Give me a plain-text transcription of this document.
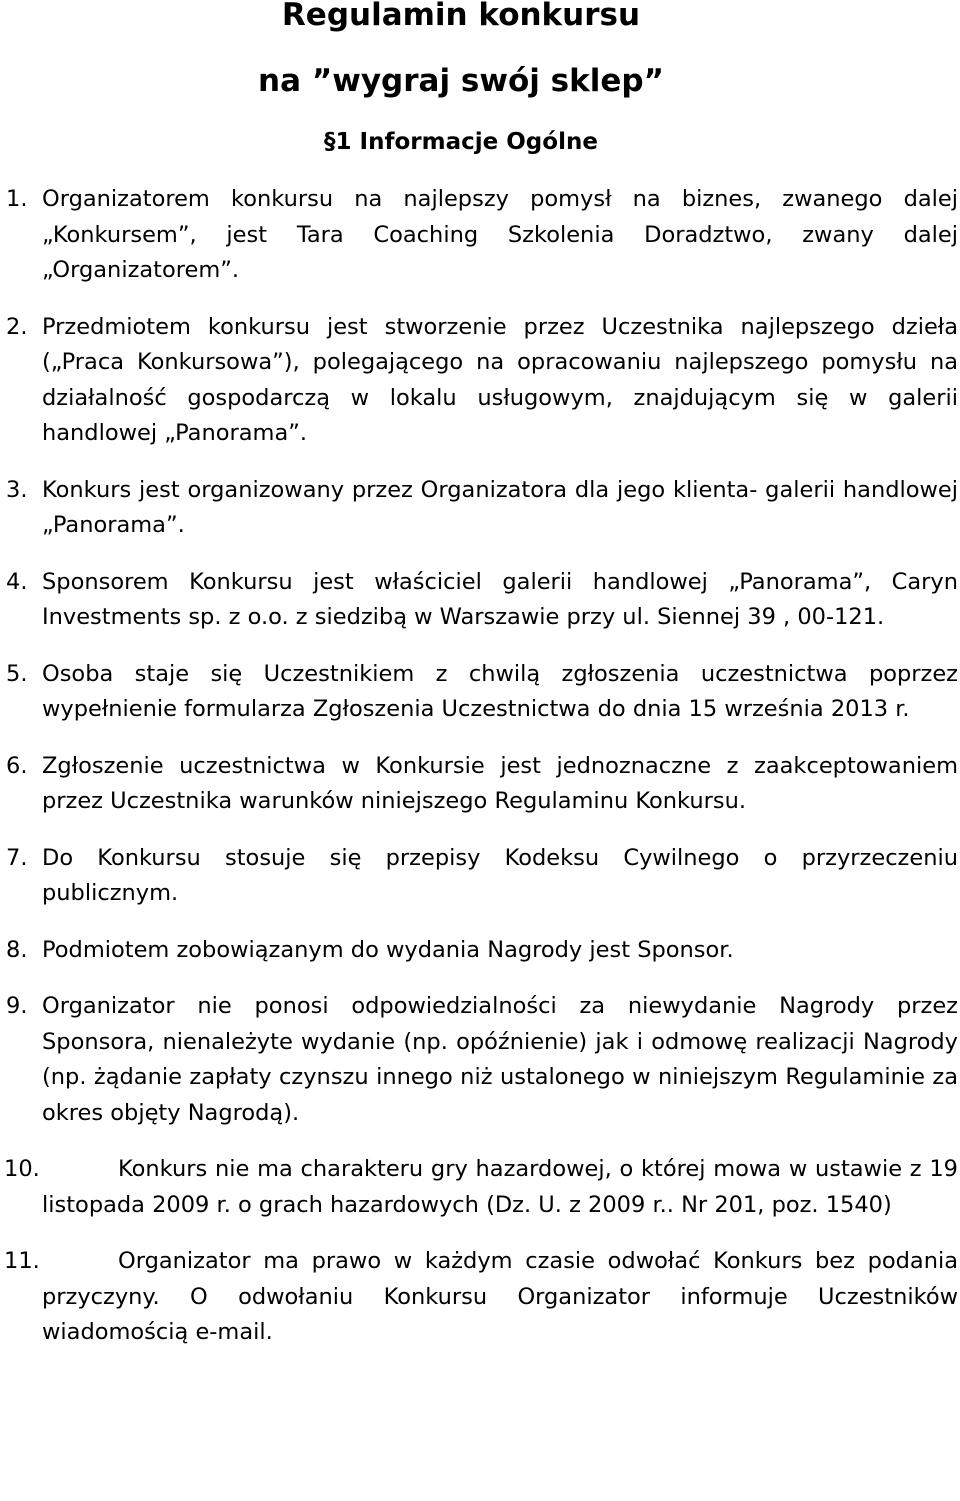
Regulamin konkursu
na ”wygraj swój sklep”
§1 Informacje Ogólne
1. Organizatorem konkursu na najlepszy pomysł na biznes, zwanego dalej „Konkursem”, jest Tara Coaching Szkolenia Doradztwo, zwany dalej „Organizatorem”.
2. Przedmiotem konkursu jest stworzenie przez Uczestnika najlepszego dzieła („Praca Konkursowa”), polegającego na opracowaniu najlepszego pomysłu na działalność gospodarczą w lokalu usługowym, znajdującym się w galerii handlowej „Panorama”.
3. Konkurs jest organizowany przez Organizatora dla jego klienta- galerii handlowej „Panorama”.
4. Sponsorem Konkursu jest właściciel galerii handlowej „Panorama”, Caryn Investments sp. z o.o. z siedzibą w Warszawie przy ul. Siennej 39 , 00-121.
5. Osoba staje się Uczestnikiem z chwilą zgłoszenia uczestnictwa poprzez wypełnienie formularza Zgłoszenia Uczestnictwa do dnia 15 września 2013 r.
6. Zgłoszenie uczestnictwa w Konkursie jest jednoznaczne z zaakceptowaniem przez Uczestnika warunków niniejszego Regulaminu Konkursu.
7. Do Konkursu stosuje się przepisy Kodeksu Cywilnego o przyrzeczeniu publicznym.
8. Podmiotem zobowiązanym do wydania Nagrody jest Sponsor.
9. Organizator nie ponosi odpowiedzialności za niewydanie Nagrody przez Sponsora, nienależyte wydanie (np. opóźnienie) jak i odmowę realizacji Nagrody (np. żądanie zapłaty czynszu innego niż ustalonego w niniejszym Regulaminie za okres objęty Nagrodą).
10.	Konkurs nie ma charakteru gry hazardowej, o której mowa w ustawie z 19 listopada 2009 r. o grach hazardowych (Dz. U. z 2009 r.. Nr 201, poz. 1540)
11.	Organizator ma prawo w każdym czasie odwołać Konkurs bez podania przyczyny. O odwołaniu Konkursu Organizator informuje Uczestników wiadomością e-mail.
